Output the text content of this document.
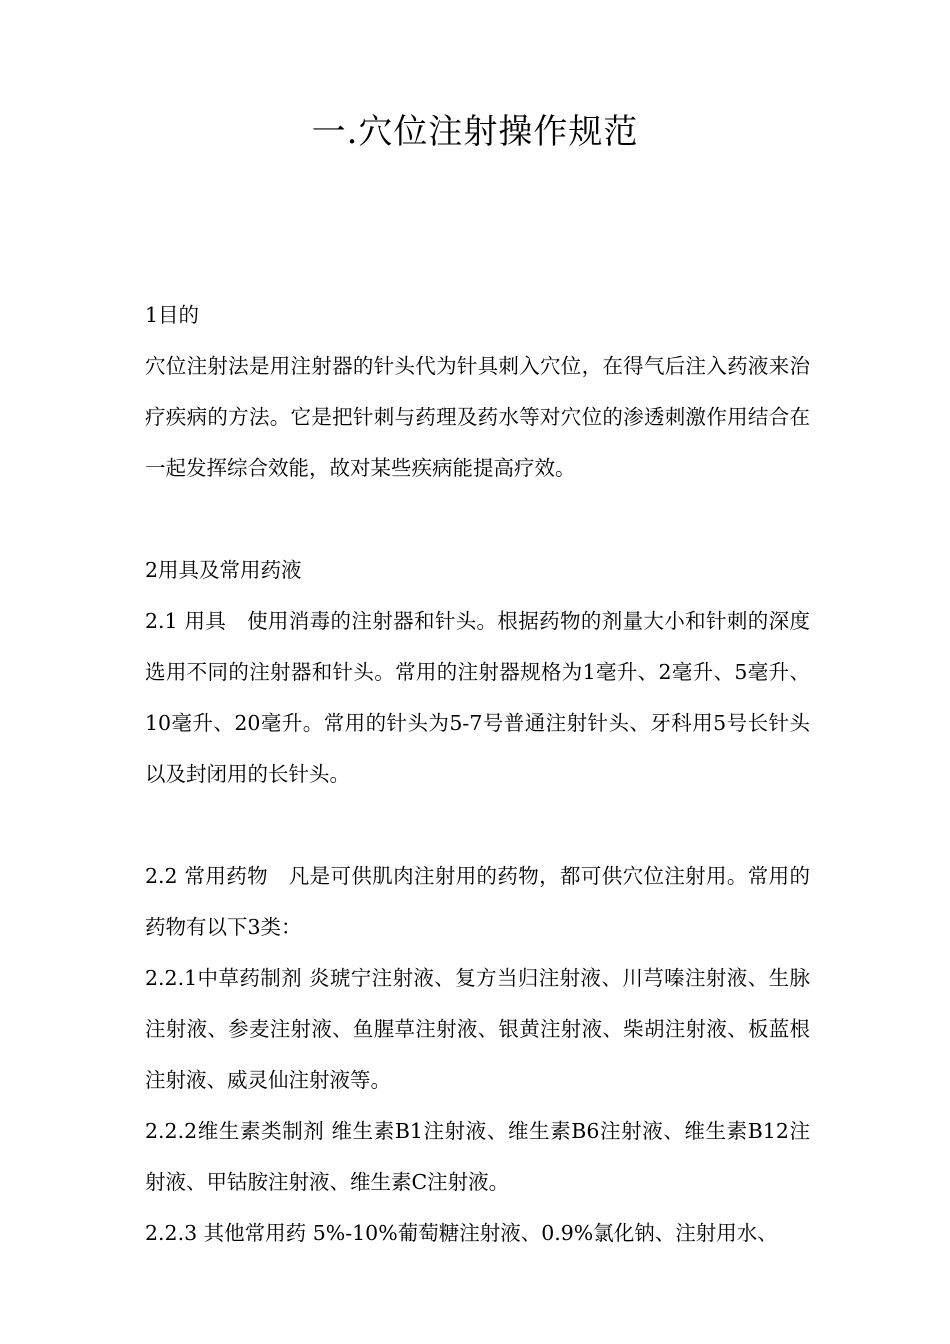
一.穴位注射操作规范

1目的

穴位注射法是用注射器的针头代为针具刺入穴位，在得气后注入药液来治疗疾病的方法。它是把针刺与药理及药水等对穴位的渗透刺激作用结合在一起发挥综合效能，故对某些疾病能提高疗效。

2用具及常用药液

2.1 用具　使用消毒的注射器和针头。根据药物的剂量大小和针刺的深度选用不同的注射器和针头。常用的注射器规格为1毫升、2毫升、5毫升、10毫升、20毫升。常用的针头为5-7号普通注射针头、牙科用5号长针头以及封闭用的长针头。

2.2 常用药物　凡是可供肌肉注射用的药物，都可供穴位注射用。常用的药物有以下3类：

2.2.1中草药制剂 炎琥宁注射液、复方当归注射液、川芎嗪注射液、生脉注射液、参麦注射液、鱼腥草注射液、银黄注射液、柴胡注射液、板蓝根注射液、威灵仙注射液等。

2.2.2维生素类制剂 维生素B1注射液、维生素B6注射液、维生素B12注射液、甲钴胺注射液、维生素C注射液。

2.2.3 其他常用药 5%-10%葡萄糖注射液、0.9%氯化钠、注射用水、
